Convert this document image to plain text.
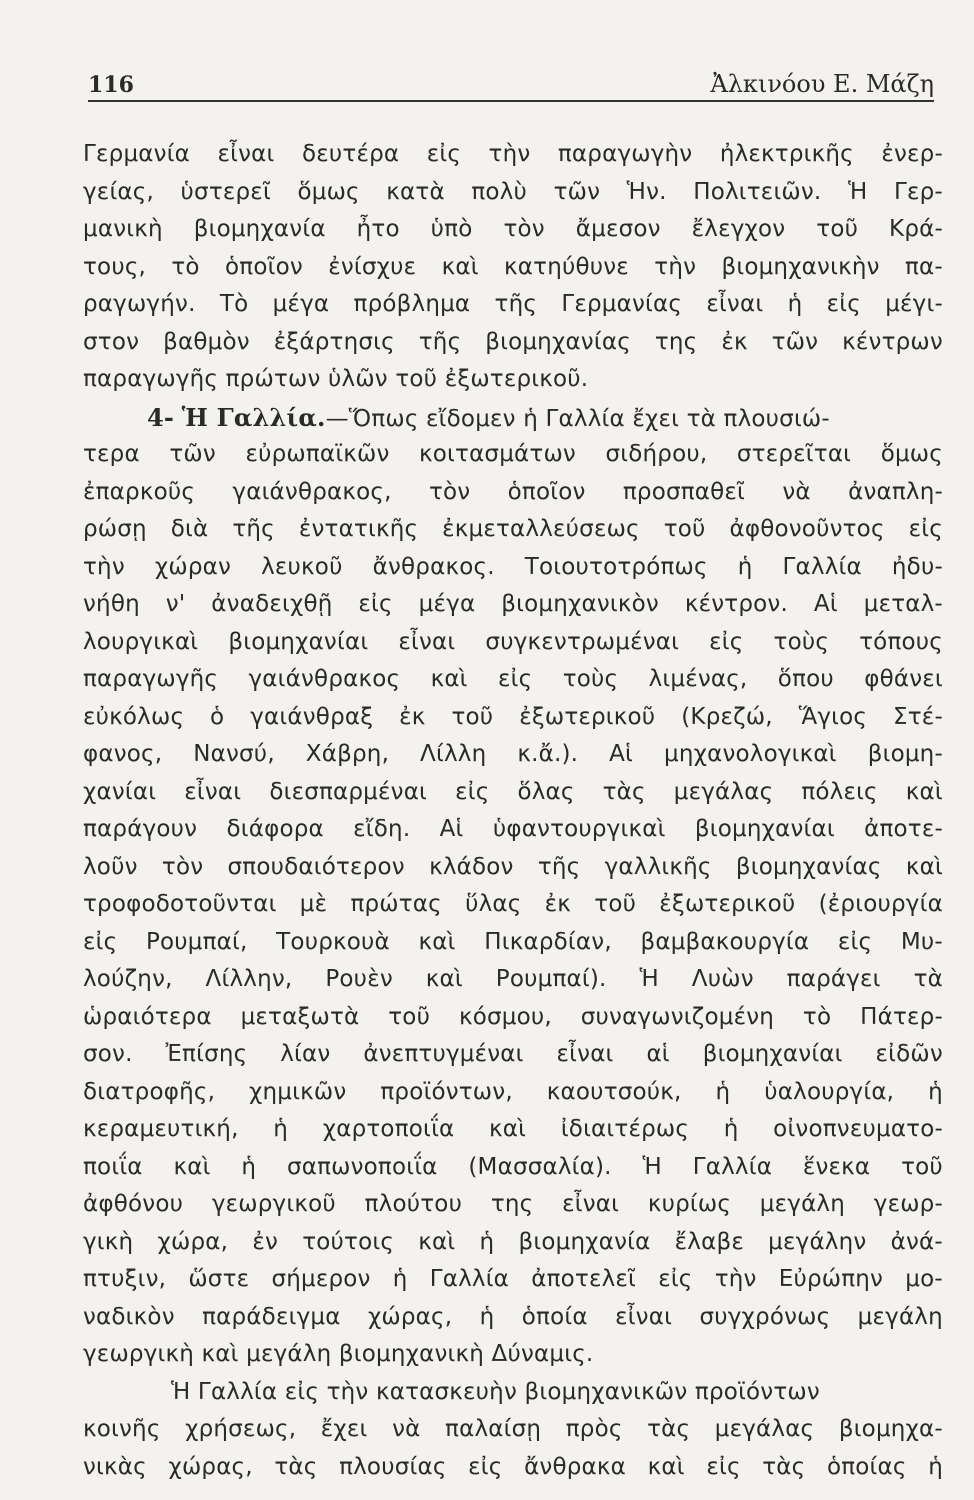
116	Ἀλκινόου Ε. Μάζη
Γερμανία εἶναι δευτέρα εἰς τὴν παραγωγὴν ἠλεκτρικῆς ἐνερ-
γείας, ὑστερεῖ ὅμως κατὰ πολὺ τῶν Ἡν. Πολιτειῶν. Ἡ Γερ-
μανικὴ βιομηχανία ἦτο ὑπὸ τὸν ἄμεσον ἔλεγχον τοῦ Κρά-
τους, τὸ ὁποῖον ἐνίσχυε καὶ κατηύθυνε τὴν βιομηχανικὴν πα-
ραγωγήν. Τὸ μέγα πρόβλημα τῆς Γερμανίας εἶναι ἡ εἰς μέγι-
στον βαθμὸν ἐξάρτησις τῆς βιομηχανίας της ἐκ τῶν κέντρων
παραγωγῆς πρώτων ὑλῶν τοῦ ἐξωτερικοῦ.
4- Ἡ Γαλλία.—Ὅπως εἴδομεν ἡ Γαλλία ἔχει τὰ πλουσιώ-
τερα τῶν εὐρωπαϊκῶν κοιτασμάτων σιδήρου, στερεῖται ὅμως
ἐπαρκοῦς γαιάνθρακος, τὸν ὁποῖον προσπαθεῖ νὰ ἀναπλη-
ρώσῃ διὰ τῆς ἐντατικῆς ἐκμεταλλεύσεως τοῦ ἀφθονοῦντος εἰς
τὴν χώραν λευκοῦ ἄνθρακος. Τοιουτοτρόπως ἡ Γαλλία ἠδυ-
νήθη ν' ἀναδειχθῇ εἰς μέγα βιομηχανικὸν κέντρον. Αἱ μεταλ-
λουργικαὶ βιομηχανίαι εἶναι συγκεντρωμέναι εἰς τοὺς τόπους
παραγωγῆς γαιάνθρακος καὶ εἰς τοὺς λιμένας, ὅπου φθάνει
εὐκόλως ὁ γαιάνθραξ ἐκ τοῦ ἐξωτερικοῦ (Κρεζώ, Ἅγιος Στέ-
φανος, Νανσύ, Χάβρη, Λίλλη κ.ἄ.). Αἱ μηχανολογικαὶ βιομη-
χανίαι εἶναι διεσπαρμέναι εἰς ὅλας τὰς μεγάλας πόλεις καὶ
παράγουν διάφορα εἴδη. Αἱ ὑφαντουργικαὶ βιομηχανίαι ἀποτε-
λοῦν τὸν σπουδαιότερον κλάδον τῆς γαλλικῆς βιομηχανίας καὶ
τροφοδοτοῦνται μὲ πρώτας ὕλας ἐκ τοῦ ἐξωτερικοῦ (ἐριουργία
εἰς Ρουμπαί, Τουρκουὰ καὶ Πικαρδίαν, βαμβακουργία εἰς Μυ-
λούζην, Λίλλην, Ρουὲν καὶ Ρουμπαί). Ἡ Λυὼν παράγει τὰ
ὡραιότερα μεταξωτὰ τοῦ κόσμου, συναγωνιζομένη τὸ Πάτερ-
σον. Ἐπίσης λίαν ἀνεπτυγμέναι εἶναι αἱ βιομηχανίαι εἰδῶν
διατροφῆς, χημικῶν προϊόντων, καουτσούκ, ἡ ὑαλουργία, ἡ
κεραμευτική, ἡ χαρτοποιΐα καὶ ἰδιαιτέρως ἡ οἰνοπνευματο-
ποιΐα καὶ ἡ σαπωνοποιΐα (Μασσαλία). Ἡ Γαλλία ἕνεκα τοῦ
ἀφθόνου γεωργικοῦ πλούτου της εἶναι κυρίως μεγάλη γεωρ-
γικὴ χώρα, ἐν τούτοις καὶ ἡ βιομηχανία ἔλαβε μεγάλην ἀνά-
πτυξιν, ὥστε σήμερον ἡ Γαλλία ἀποτελεῖ εἰς τὴν Εὐρώπην μο-
ναδικὸν παράδειγμα χώρας, ἡ ὁποία εἶναι συγχρόνως μεγάλη
γεωργικὴ καὶ μεγάλη βιομηχανικὴ Δύναμις.
Ἡ Γαλλία εἰς τὴν κατασκευὴν βιομηχανικῶν προϊόντων
κοινῆς χρήσεως, ἔχει νὰ παλαίσῃ πρὸς τὰς μεγάλας βιομηχα-
νικὰς χώρας, τὰς πλουσίας εἰς ἄνθρακα καὶ εἰς τὰς ὁποίας ἡ
